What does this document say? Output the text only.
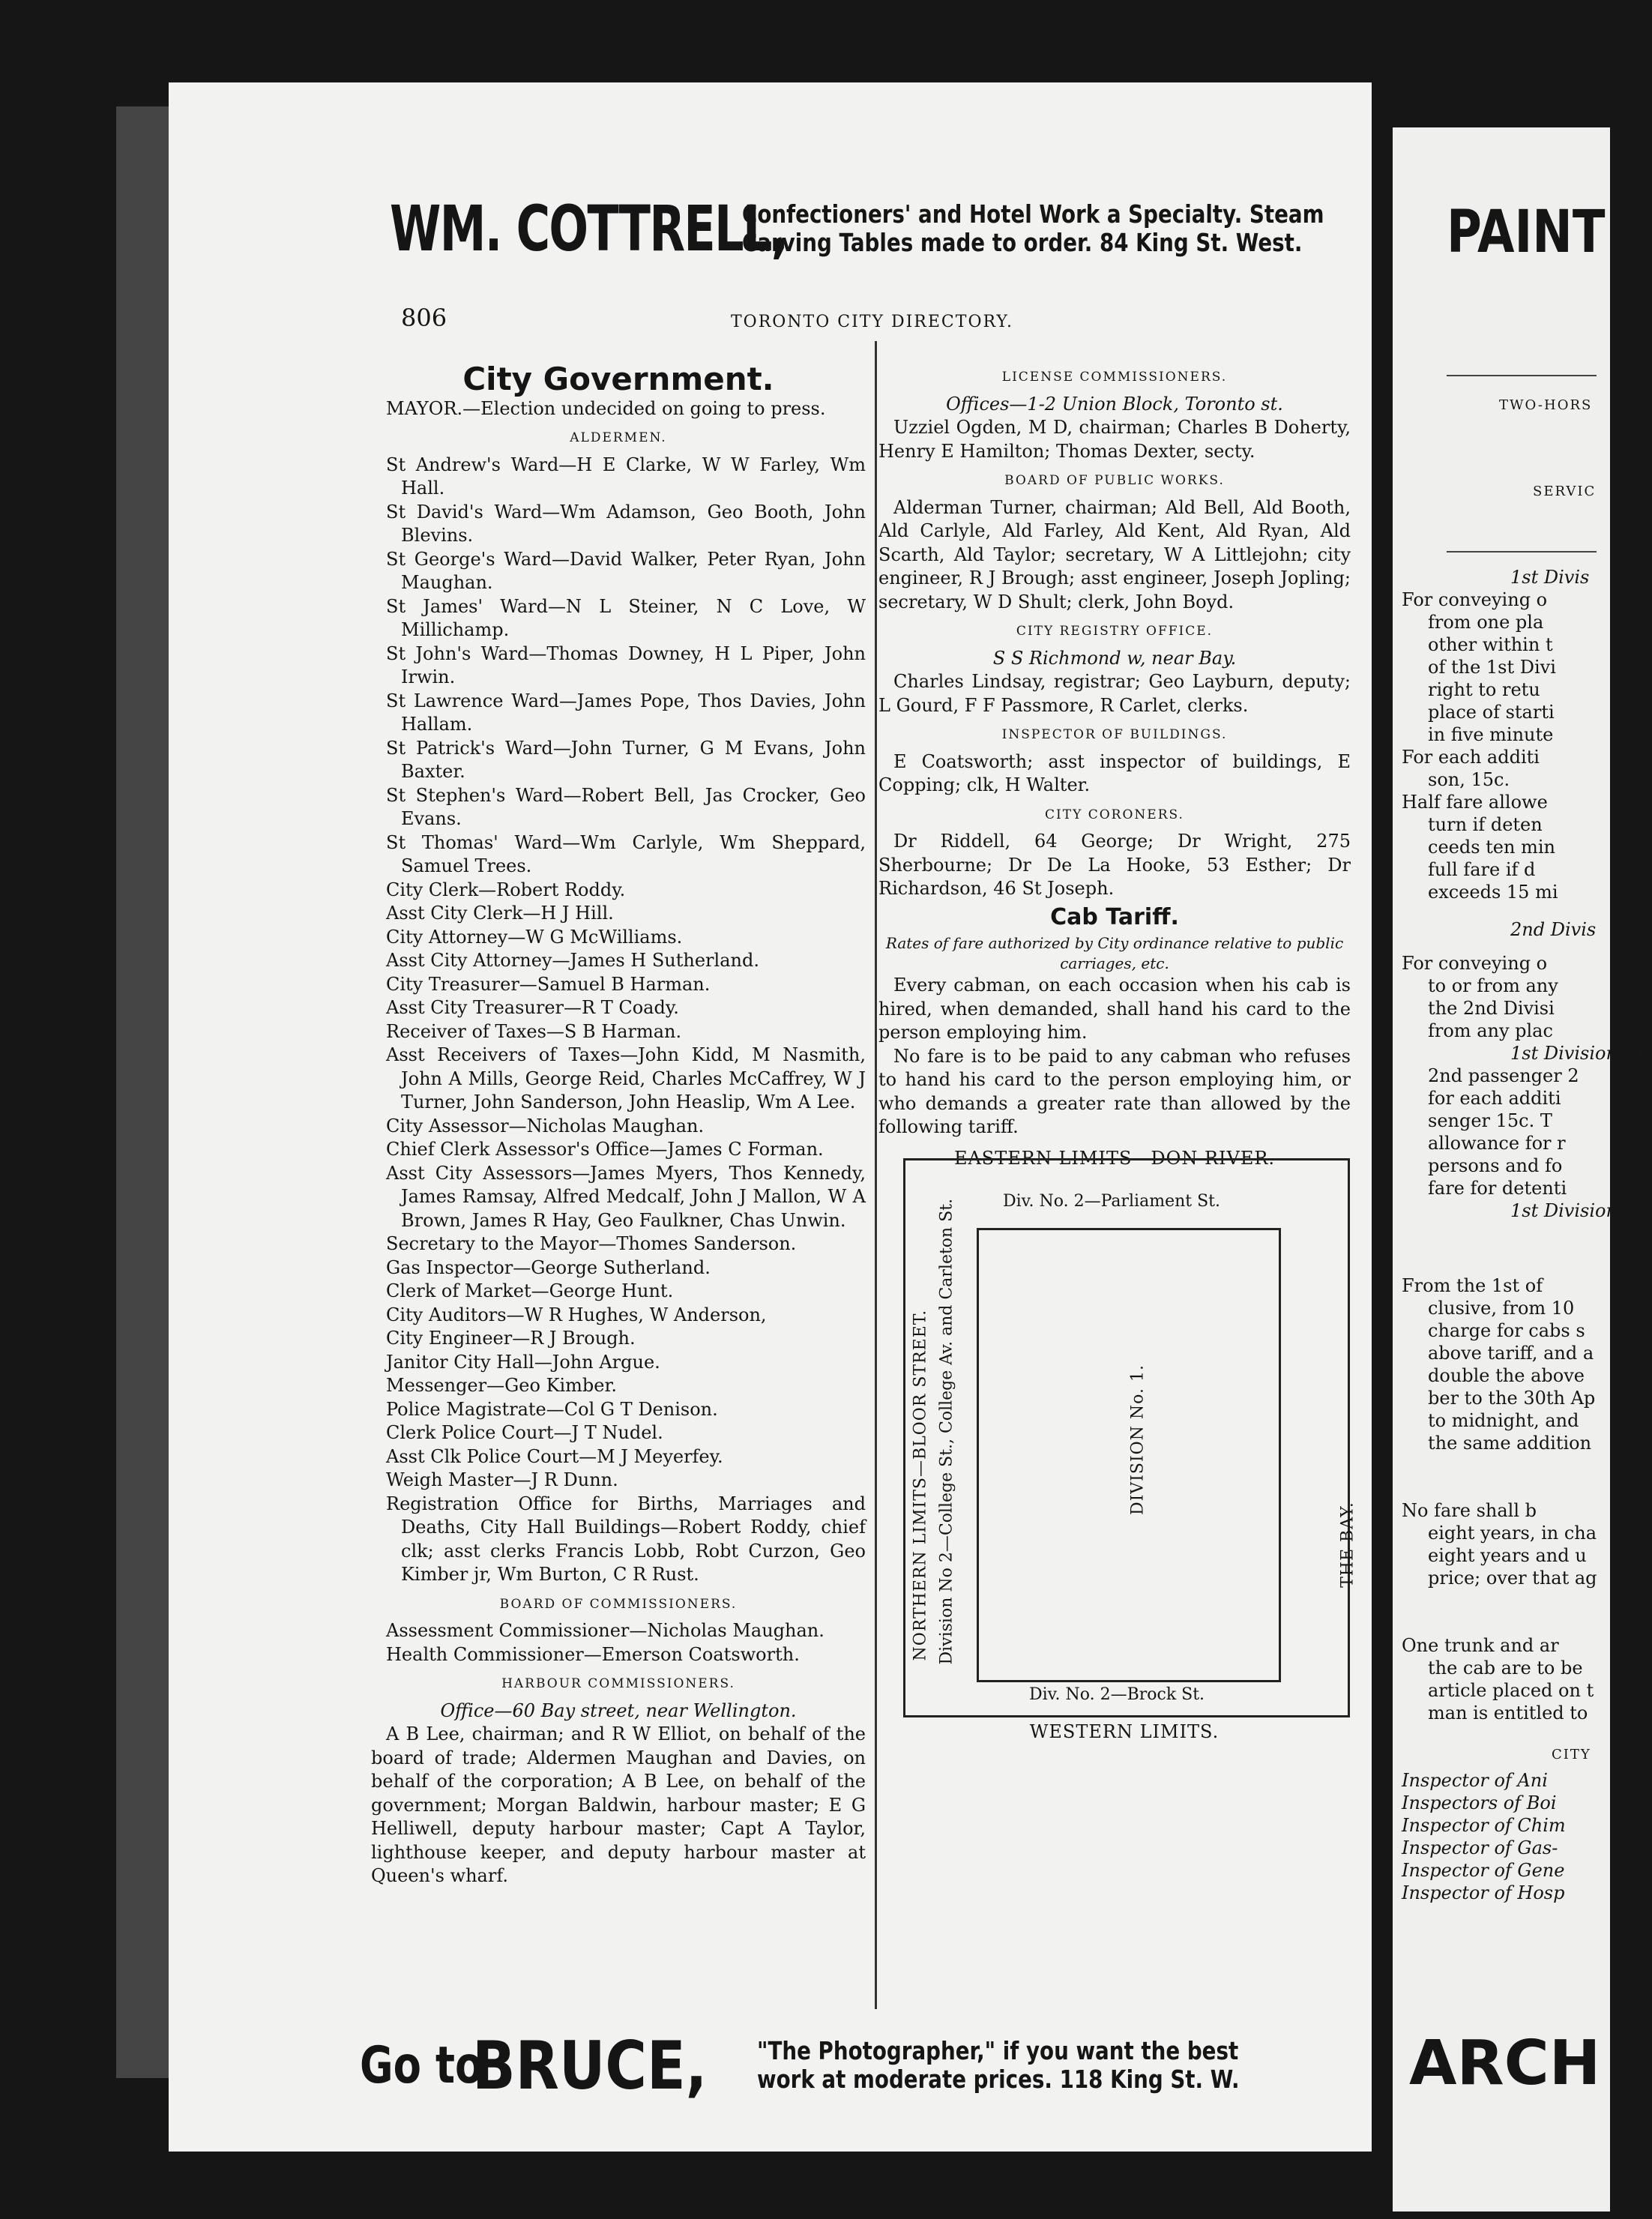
WM. COTTRELL,
Confectioners' and Hotel Work a Specialty. Steam
Carving Tables made to order. 84 King St. West.
806	TORONTO CITY DIRECTORY.
City Government.

MAYOR.—Election undecided on going to press.

ALDERMEN.

St Andrew's Ward—H E Clarke, W W Farley, Wm Hall.

St David's Ward—Wm Adamson, Geo Booth, John Blevins.

St George's Ward—David Walker, Peter Ryan, John Maughan.

St James' Ward—N L Steiner, N C Love, W Millichamp.

St John's Ward—Thomas Downey, H L Piper, John Irwin.

St Lawrence Ward—James Pope, Thos Davies, John Hallam.

St Patrick's Ward—John Turner, G M Evans, John Baxter.

St Stephen's Ward—Robert Bell, Jas Crocker, Geo Evans.

St Thomas' Ward—Wm Carlyle, Wm Sheppard, Samuel Trees.

City Clerk—Robert Roddy.

Asst City Clerk—H J Hill.

City Attorney—W G McWilliams.

Asst City Attorney—James H Sutherland.

City Treasurer—Samuel B Harman.

Asst City Treasurer—R T Coady.

Receiver of Taxes—S B Harman.

Asst Receivers of Taxes—John Kidd, M Nasmith, John A Mills, George Reid, Charles McCaffrey, W J Turner, John Sanderson, John Heaslip, Wm A Lee.

City Assessor—Nicholas Maughan.

Chief Clerk Assessor's Office—James C Forman.

Asst City Assessors—James Myers, Thos Kennedy, James Ramsay, Alfred Medcalf, John J Mallon, W A Brown, James R Hay, Geo Faulkner, Chas Unwin.

Secretary to the Mayor—Thomes Sanderson.

Gas Inspector—George Sutherland.

Clerk of Market—George Hunt.

City Auditors—W R Hughes, W Anderson,

City Engineer—R J Brough.

Janitor City Hall—John Argue.

Messenger—Geo Kimber.

Police Magistrate—Col G T Denison.

Clerk Police Court—J T Nudel.

Asst Clk Police Court—M J Meyerfey.

Weigh Master—J R Dunn.

Registration Office for Births, Marriages and Deaths, City Hall Buildings—Robert Roddy, chief clk; asst clerks Francis Lobb, Robt Curzon, Geo Kimber jr, Wm Burton, C R Rust.

BOARD OF COMMISSIONERS.

Assessment Commissioner—Nicholas Maughan.

Health Commissioner—Emerson Coatsworth.

HARBOUR COMMISSIONERS.

Office—60 Bay street, near Wellington.

A B Lee, chairman; and R W Elliot, on behalf of the board of trade; Aldermen Maughan and Davies, on behalf of the corporation; A B Lee, on behalf of the government; Morgan Baldwin, harbour master; E G Helliwell, deputy harbour master; Capt A Taylor, lighthouse keeper, and deputy harbour master at Queen's wharf.

LICENSE COMMISSIONERS.

Offices—1-2 Union Block, Toronto st.

Uzziel Ogden, M D, chairman; Charles B Doherty, Henry E Hamilton; Thomas Dexter, secty.

BOARD OF PUBLIC WORKS.

Alderman Turner, chairman; Ald Bell, Ald Booth, Ald Carlyle, Ald Farley, Ald Kent, Ald Ryan, Ald Scarth, Ald Taylor; secretary, W A Littlejohn; city engineer, R J Brough; asst engineer, Joseph Jopling; secretary, W D Shult; clerk, John Boyd.

CITY REGISTRY OFFICE.

S S Richmond w, near Bay.

Charles Lindsay, registrar; Geo Layburn, deputy; L Gourd, F F Passmore, R Carlet, clerks.

INSPECTOR OF BUILDINGS.

E Coatsworth; asst inspector of buildings, E Copping; clk, H Walter.

CITY CORONERS.

Dr Riddell, 64 George; Dr Wright, 275 Sherbourne; Dr De La Hooke, 53 Esther; Dr Richardson, 46 St Joseph.

Cab Tariff.

Rates of fare authorized by City ordinance relative to public carriages, etc.

Every cabman, on each occasion when his cab is hired, when demanded, shall hand his card to the person employing him.

No fare is to be paid to any cabman who refuses to hand his card to the person employing him, or who demands a greater rate than allowed by the following tariff.

EASTERN LIMITS—DON RIVER.

Div. No. 2—Parliament St.
Div. No. 2—Brock St.
NORTHERN LIMITS—BLOOR STREET. Division No 2—College St., College Av. and Carleton St.	DIVISION No. 1.
THE BAY.
WESTERN LIMITS.
Go to
BRUCE,	"The Photographer," if you want the best
work at moderate prices. 118 King St. W.
PAINT
TWO-HORS
SERVIC
1st Divis
For conveying o
from one pla
other within t
of the 1st Divi
right to retu
place of starti
in five minute
For each additi
son, 15c.
Half fare allowe
turn if deten
ceeds ten min
full fare if d
exceeds 15 mi
2nd Divis
For conveying o
to or from any
the 2nd Divisi
from any plac
1st Division, 50
2nd passenger 2
for each additi
senger 15c. T
allowance for r
persons and fo
fare for detenti
1st Division.
From the 1st of
clusive, from 10
charge for cabs s
above tariff, and a
double the above
ber to the 30th Ap
to midnight, and
the same addition
No fare shall b
eight years, in cha
eight years and u
price; over that ag
One trunk and ar
the cab are to be
article placed on t
man is entitled to
CITY
Inspector of Ani
Inspectors of Boi
Inspector of Chim
Inspector of Gas-
Inspector of Gene
Inspector of Hosp
ARCH
